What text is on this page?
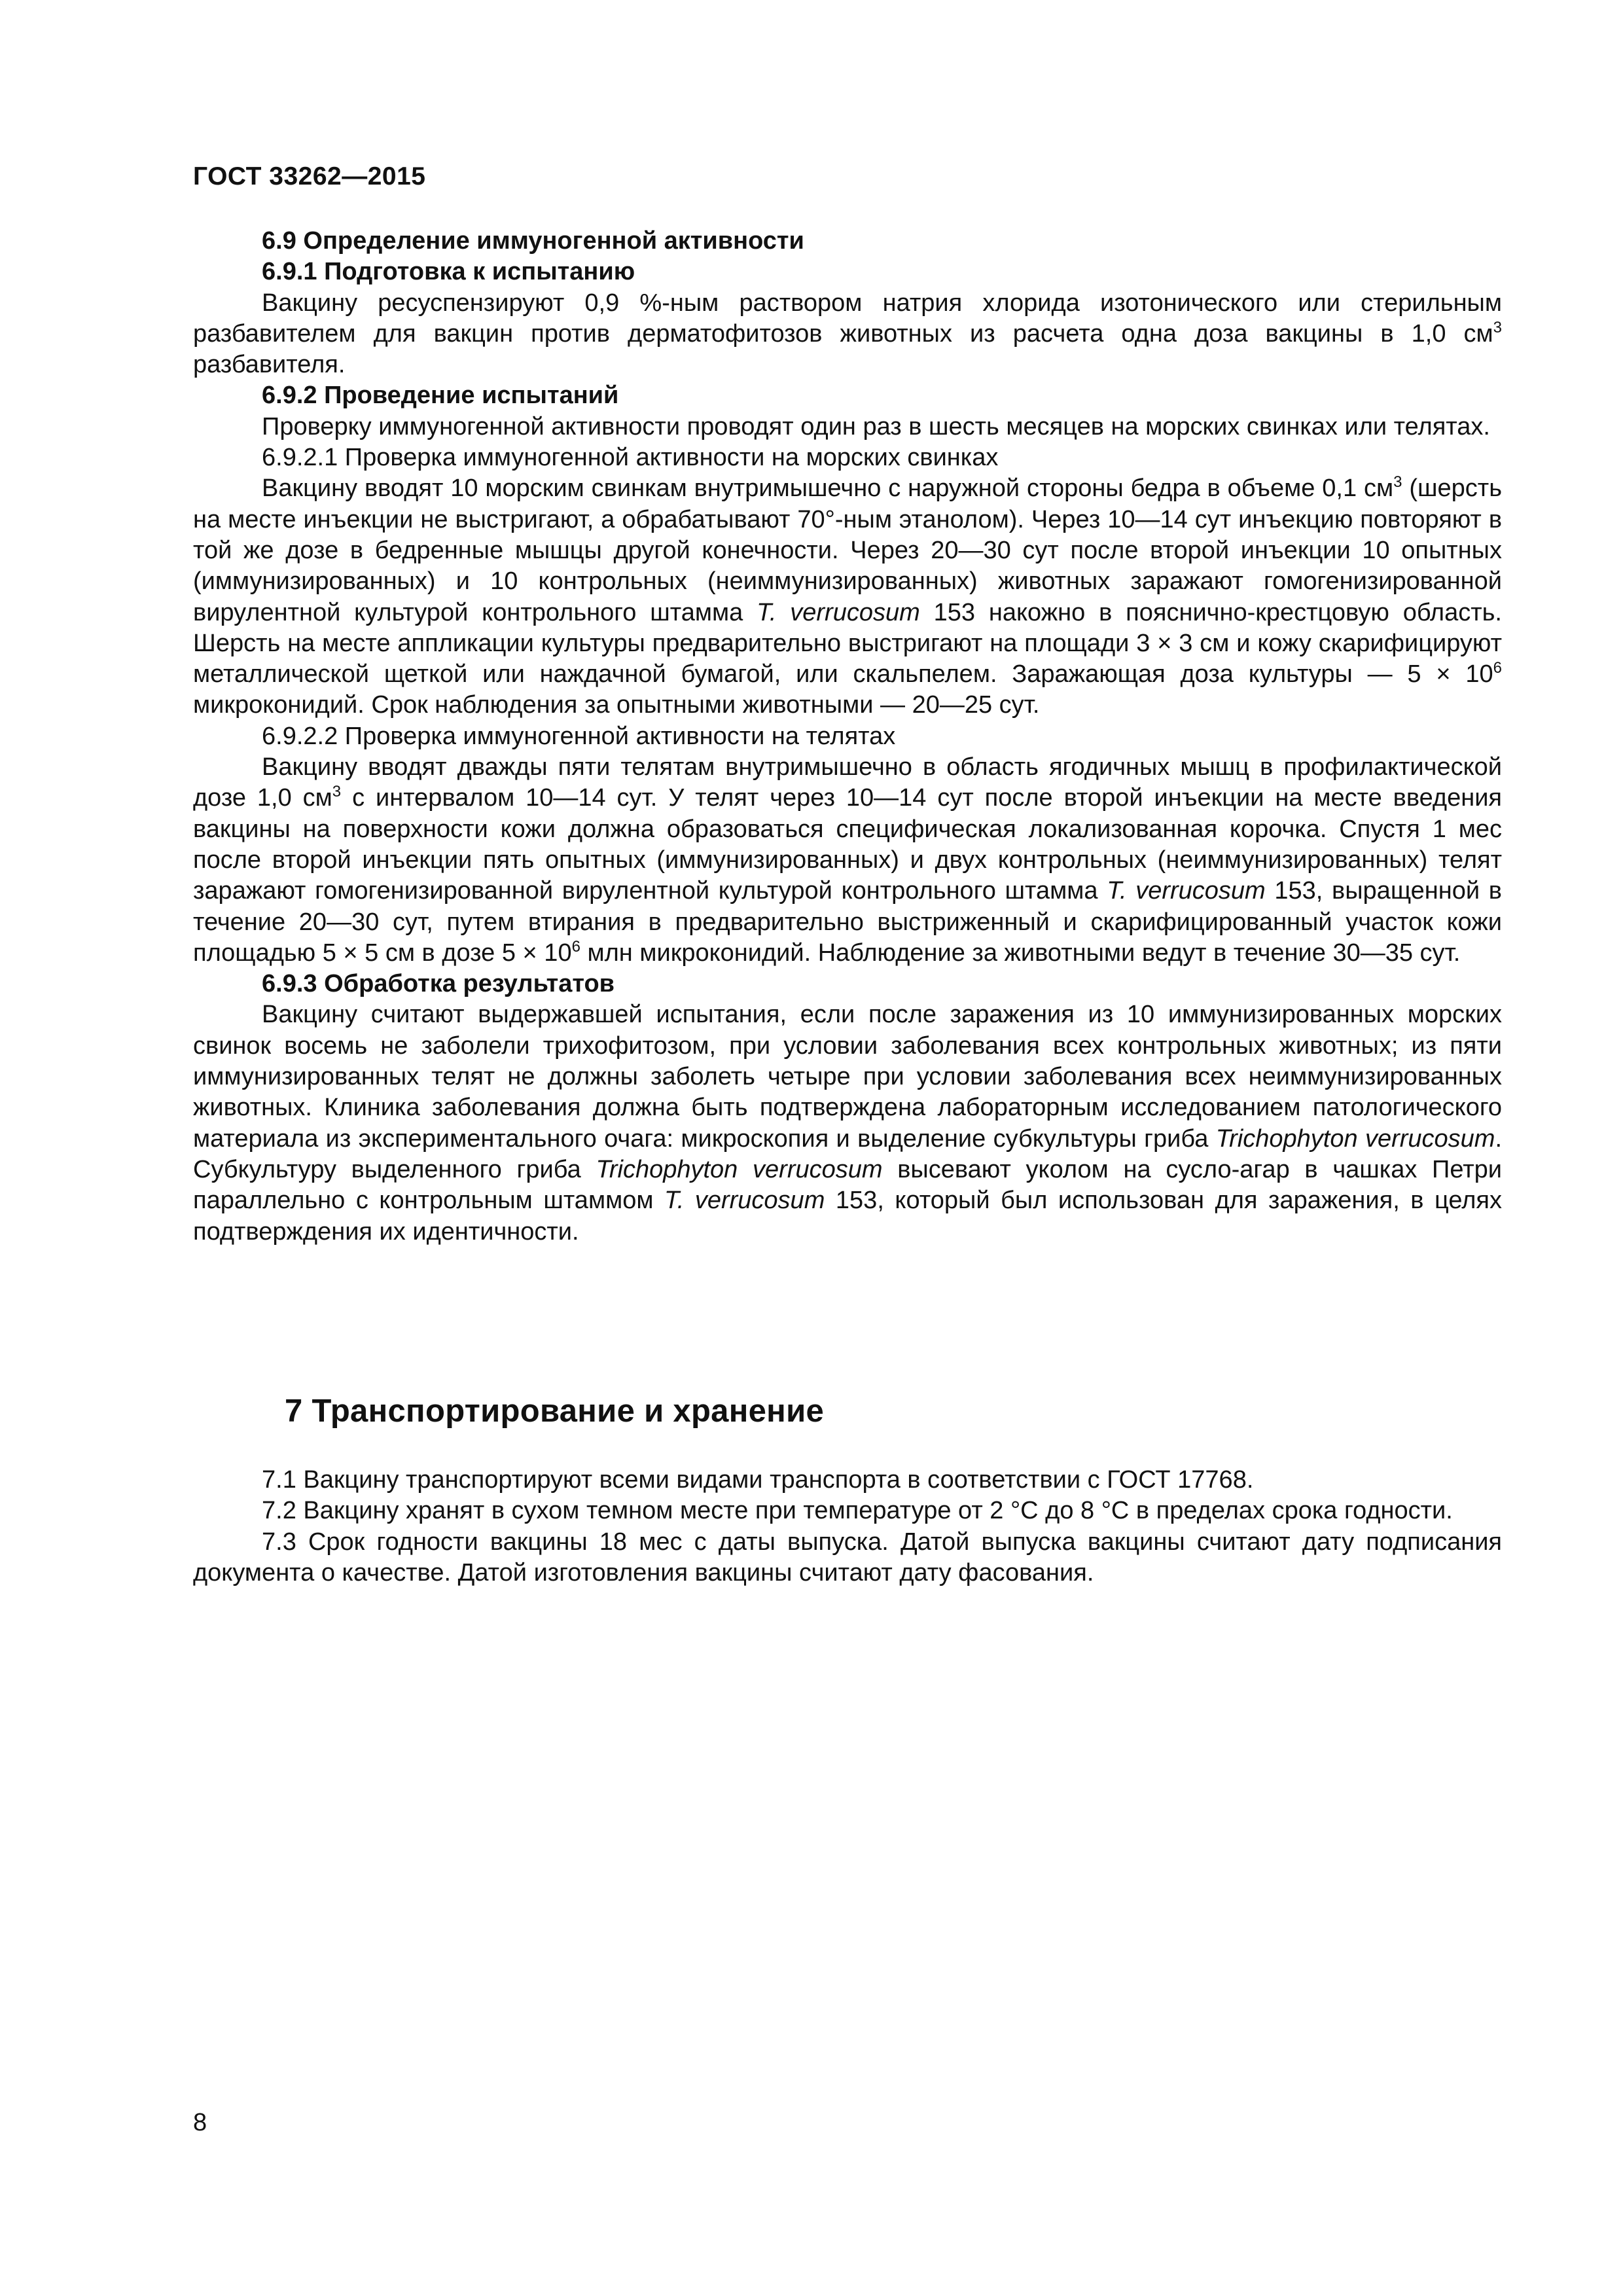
ГОСТ 33262—2015

6.9 Определение иммуногенной активности

6.9.1 Подготовка к испытанию

Вакцину ресуспензируют 0,9 %-ным раствором натрия хлорида изотонического или стерильным разбавителем для вакцин против дерматофитозов животных из расчета одна доза вакцины в 1,0 $см^3$ разбавителя.

6.9.2 Проведение испытаний

Проверку иммуногенной активности проводят один раз в шесть месяцев на морских свинках или телятах.

6.9.2.1 Проверка иммуногенной активности на морских свинках

Вакцину вводят 10 морским свинкам внутримышечно с наружной стороны бедра в объеме 0,1 $см^3$ (шерсть на месте инъекции не выстригают, а обрабатывают 70°-ным этанолом). Через 10—14 сут инъекцию повторяют в той же дозе в бедренные мышцы другой конечности. Через 20—30 сут после второй инъекции 10 опытных (иммунизированных) и 10 контрольных (неиммунизированных) животных заражают гомогенизированной вирулентной культурой контрольного штамма T. verrucosum 153 накожно в пояснично-крестцовую область. Шерсть на месте аппликации культуры предварительно выстригают на площади 3 × 3 см и кожу скарифицируют металлической щеткой или наждачной бумагой, или скальпелем. Заражающая доза культуры — $5 \times 10^6$ микроконидий. Срок наблюдения за опытными животными — 20—25 сут.

6.9.2.2 Проверка иммуногенной активности на телятах

Вакцину вводят дважды пяти телятам внутримышечно в область ягодичных мышц в профилактической дозе 1,0 $см^3$ с интервалом 10—14 сут. У телят через 10—14 сут после второй инъекции на месте введения вакцины на поверхности кожи должна образоваться специфическая локализованная корочка. Спустя 1 мес после второй инъекции пять опытных (иммунизированных) и двух контрольных (неиммунизированных) телят заражают гомогенизированной вирулентной культурой контрольного штамма T. verrucosum 153, выращенной в течение 20—30 сут, путем втирания в предварительно выстриженный и скарифицированный участок кожи площадью 5 × 5 см в дозе $5 \times 10^6$ млн микроконидий. Наблюдение за животными ведут в течение 30—35 сут.

6.9.3 Обработка результатов

Вакцину считают выдержавшей испытания, если после заражения из 10 иммунизированных морских свинок восемь не заболели трихофитозом, при условии заболевания всех контрольных животных; из пяти иммунизированных телят не должны заболеть четыре при условии заболевания всех неиммунизированных животных. Клиника заболевания должна быть подтверждена лабораторным исследованием патологического материала из экспериментального очага: микроскопия и выделение субкультуры гриба Trichophyton verrucosum. Субкультуру выделенного гриба Trichophyton verrucosum высевают уколом на сусло-агар в чашках Петри параллельно с контрольным штаммом T. verrucosum 153, который был использован для заражения, в целях подтверждения их идентичности.

7 Транспортирование и хранение

7.1 Вакцину транспортируют всеми видами транспорта в соответствии с ГОСТ 17768.

7.2 Вакцину хранят в сухом темном месте при температуре от 2 °С до 8 °С в пределах срока годности.

7.3 Срок годности вакцины 18 мес с даты выпуска. Датой выпуска вакцины считают дату подписания документа о качестве. Датой изготовления вакцины считают дату фасования.

8
